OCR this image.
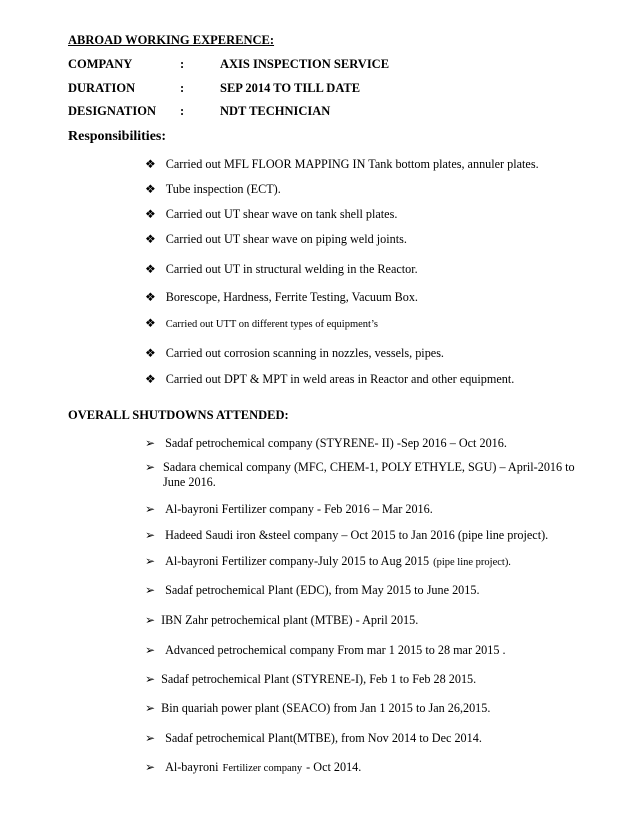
ABROAD WORKING EXPERENCE:
COMPANY	:	AXIS INSPECTION SERVICE
DURATION	:	SEP 2014 TO TILL DATE
DESIGNATION :	NDT TECHNICIAN
Responsibilities:
❖ Carried out MFL FLOOR MAPPING IN Tank bottom plates, annuler plates.
❖ Tube inspection (ECT).
❖ Carried out UT shear wave on tank shell plates.
❖ Carried out UT shear wave on piping weld joints.
❖ Carried out UT in structural welding in the Reactor.
❖ Borescope, Hardness, Ferrite Testing, Vacuum Box.
❖ Carried out UTT on different types of equipment’s
❖ Carried out corrosion scanning in nozzles, vessels, pipes.
❖ Carried out DPT & MPT in weld areas in Reactor and other equipment.
OVERALL SHUTDOWNS ATTENDED:
➢ Sadaf petrochemical company (STYRENE- II) -Sep 2016 – Oct 2016.
➢ Sadara chemical company (MFC, CHEM-1, POLY ETHYLE, SGU) – April-2016 to June 2016.
➢ Al-bayroni Fertilizer company - Feb 2016 – Mar 2016.
➢ Hadeed Saudi iron &steel company – Oct 2015 to Jan 2016 (pipe line project).
➢ Al-bayroni Fertilizer company-July 2015 to Aug 2015 (pipe line project).
➢ Sadaf petrochemical Plant (EDC), from May 2015 to June 2015.
➢ IBN Zahr petrochemical plant (MTBE) - April 2015.
➢ Advanced petrochemical company From mar 1 2015 to 28 mar 2015 .
➢ Sadaf petrochemical Plant (STYRENE-I), Feb 1 to Feb 28 2015.
➢ Bin quariah power plant (SEACO) from Jan 1 2015 to Jan 26,2015.
➢ Sadaf petrochemical Plant(MTBE), from Nov 2014 to Dec 2014.
➢ Al-bayroni Fertilizer company - Oct 2014.
